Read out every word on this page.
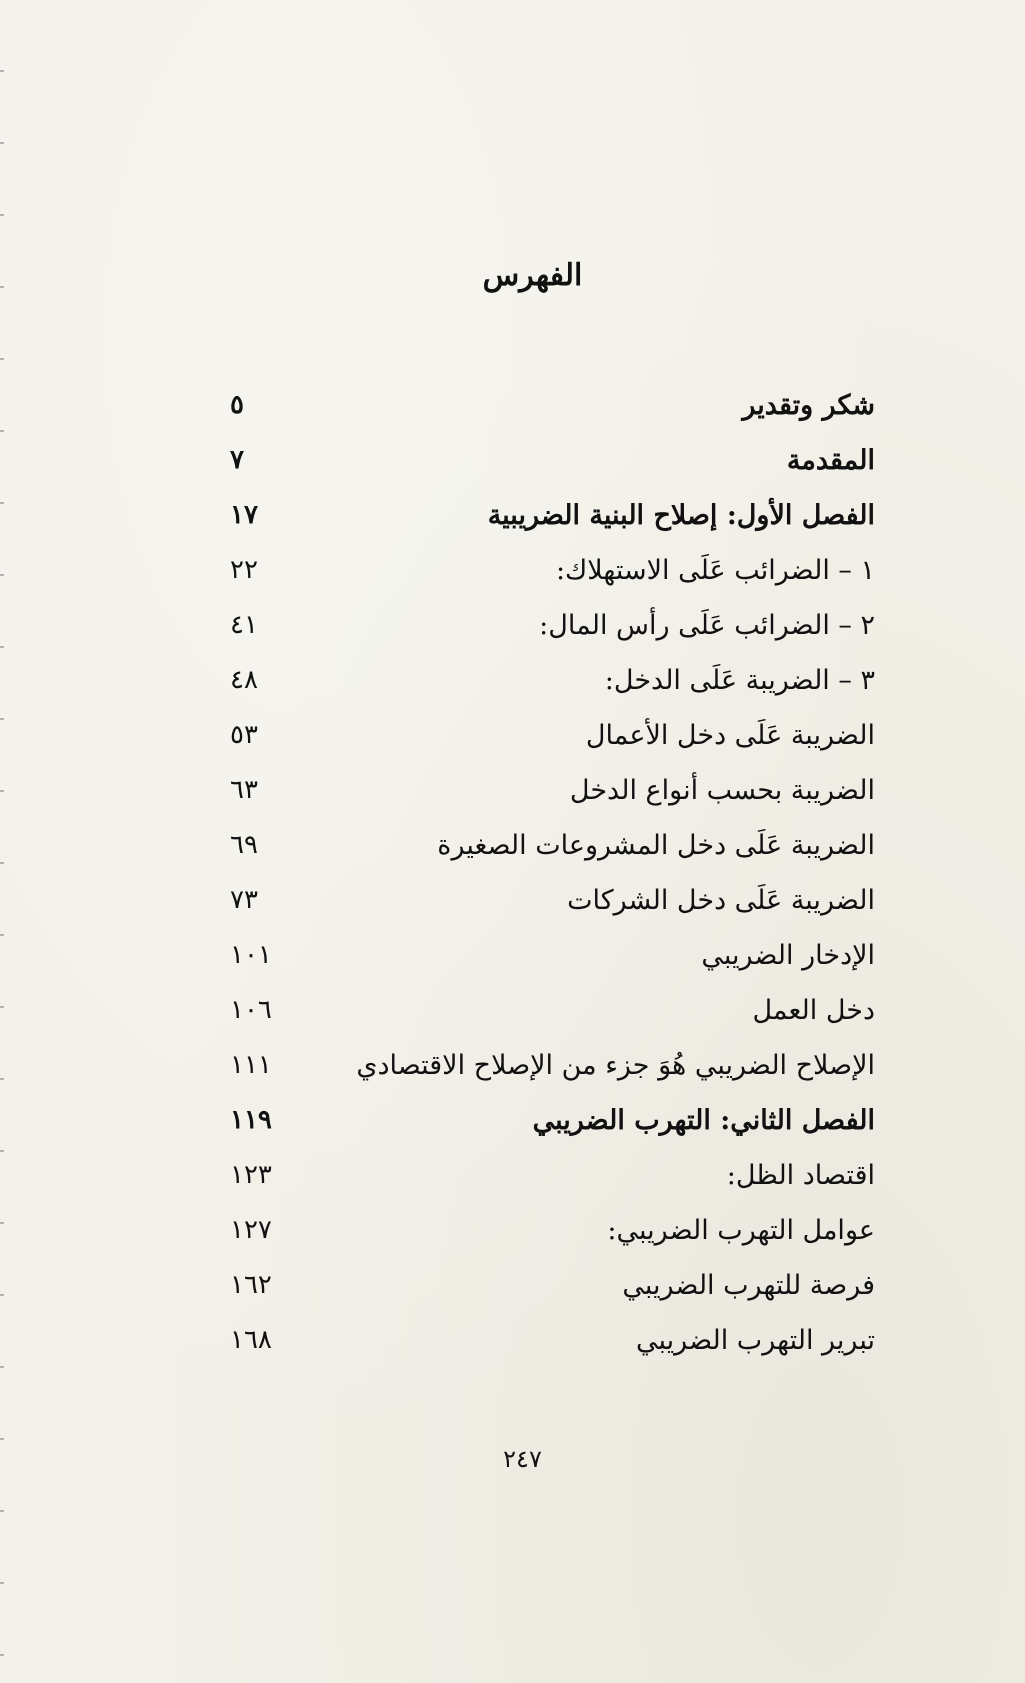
الفهرس
شكر وتقدير
٥
المقدمة
٧
الفصل الأول: إصلاح البنية الضريبية
١٧
١ – الضرائب عَلَى الاستهلاك:
٢٢
٢ – الضرائب عَلَى رأس المال:
٤١
٣ – الضريبة عَلَى الدخل:
٤٨
الضريبة عَلَى دخل الأعمال
٥٣
الضريبة بحسب أنواع الدخل
٦٣
الضريبة عَلَى دخل المشروعات الصغيرة
٦٩
الضريبة عَلَى دخل الشركات
٧٣
الإدخار الضريبي
١٠١
دخل العمل
١٠٦
الإصلاح الضريبي هُوَ جزء من الإصلاح الاقتصادي
١١١
الفصل الثاني: التهرب الضريبي
١١٩
اقتصاد الظل:
١٢٣
عوامل التهرب الضريبي:
١٢٧
فرصة للتهرب الضريبي
١٦٢
تبرير التهرب الضريبي
١٦٨
٢٤٧
